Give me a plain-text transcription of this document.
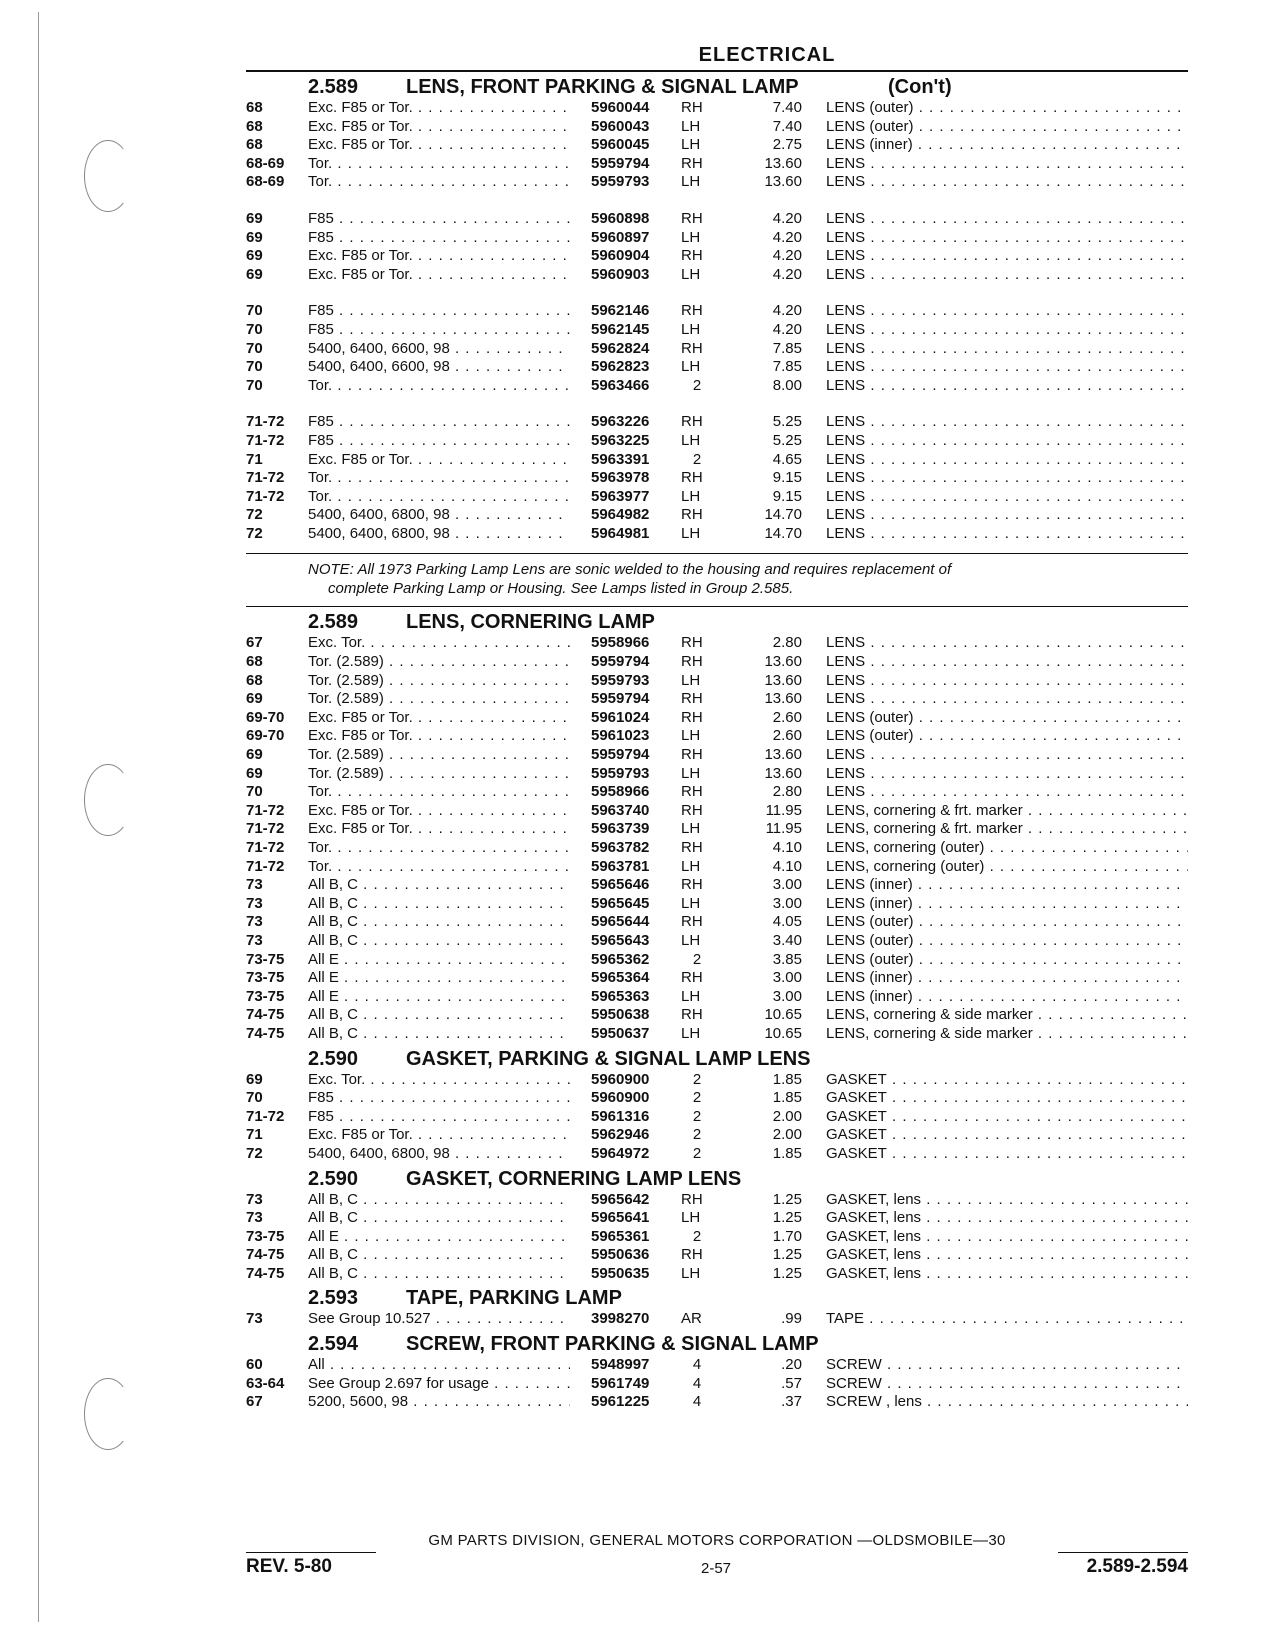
ELECTRICAL
2.589 LENS, FRONT PARKING & SIGNAL LAMP	(Con't)
68	Exc. F85 or Tor. . . .	5960044 RH	7.40 LENS (outer) . . .
68	Exc. F85 or Tor. . . .	5960043 LH	7.40 LENS (outer) . . .
68	Exc. F85 or Tor. . . .	5960045 LH	2.75 LENS (inner) . . .
68-69 Tor. . . .	5959794 RH	13.60 LENS . . .
68-69 Tor. . . .	5959793 LH	13.60 LENS . . .
69	F85 . . .	5960898 RH	4.20 LENS . . .
69	F85 . . .	5960897 LH	4.20 LENS . . .
69	Exc. F85 or Tor. . . .	5960904 RH	4.20 LENS . . .
69	Exc. F85 or Tor. . . .	5960903 LH	4.20 LENS . . .
70	F85 . . .	5962146 RH	4.20 LENS . . .
70	F85 . . .	5962145 LH	4.20 LENS . . .
70	5400, 6400, 6600, 98 . . .	5962824 RH	7.85 LENS . . .
70	5400, 6400, 6600, 98 . . .	5962823 LH	7.85 LENS . . .
70	Tor. . . .	5963466	2	8.00 LENS . . .
71-72 F85 . . .	5963226 RH	5.25 LENS . . .
71-72 F85 . . .	5963225 LH	5.25 LENS . . .
71	Exc. F85 or Tor. . . .	5963391	2	4.65 LENS . . .
71-72 Tor. . . .	5963978 RH	9.15 LENS . . .
71-72 Tor. . . .	5963977 LH	9.15 LENS . . .
72	5400, 6400, 6800, 98 . . .	5964982 RH	14.70 LENS . . .
72	5400, 6400, 6800, 98 . . .	5964981 LH	14.70 LENS . . .
NOTE: All 1973 Parking Lamp Lens are sonic welded to the housing and requires replacement of
complete Parking Lamp or Housing. See Lamps listed in Group 2.585.
2.589 LENS, CORNERING LAMP
67	Exc. Tor. . . .	5958966 RH	2.80 LENS . . .
68	Tor. (2.589) . . .	5959794 RH	13.60 LENS . . .
68	Tor. (2.589) . . .	5959793 LH	13.60 LENS . . .
69	Tor. (2.589) . . .	5959794 RH	13.60 LENS . . .
69-70 Exc. F85 or Tor. . . .	5961024 RH	2.60 LENS (outer) . . .
69-70 Exc. F85 or Tor. . . .	5961023 LH	2.60 LENS (outer) . . .
69	Tor. (2.589) . . .	5959794 RH	13.60 LENS . . .
69	Tor. (2.589) . . .	5959793 LH	13.60 LENS . . .
70	Tor. . . .	5958966 RH	2.80 LENS . . .
71-72 Exc. F85 or Tor. . . .	5963740 RH	11.95 LENS, cornering & frt. marker . . .
71-72 Exc. F85 or Tor. . . .	5963739 LH	11.95 LENS, cornering & frt. marker . . .
71-72 Tor. . . .	5963782 RH	4.10 LENS, cornering (outer) . . .
71-72 Tor. . . .	5963781 LH	4.10 LENS, cornering (outer) . . .
73	All B, C . . .	5965646 RH	3.00 LENS (inner) . . .
73	All B, C . . .	5965645 LH	3.00 LENS (inner) . . .
73	All B, C . . .	5965644 RH	4.05 LENS (outer) . . .
73	All B, C . . .	5965643 LH	3.40 LENS (outer) . . .
73-75 All E . . .	5965362	2	3.85 LENS (outer) . . .
73-75 All E . . .	5965364 RH	3.00 LENS (inner) . . .
73-75 All E . . .	5965363 LH	3.00 LENS (inner) . . .
74-75 All B, C . . .	5950638 RH	10.65 LENS, cornering & side marker . . .
74-75 All B, C . . .	5950637 LH	10.65 LENS, cornering & side marker . . .
2.590 GASKET, PARKING & SIGNAL LAMP LENS
69	Exc. Tor. . . .	5960900	2	1.85 GASKET . . .
70	F85 . . .	5960900	2	1.85 GASKET . . .
71-72 F85 . . .	5961316	2	2.00 GASKET . . .
71	Exc. F85 or Tor. . . .	5962946	2	2.00 GASKET . . .
72	5400, 6400, 6800, 98 . . .	5964972	2	1.85 GASKET . . .
2.590 GASKET, CORNERING LAMP LENS
73	All B, C . . .	5965642 RH	1.25 GASKET, lens . . .
73	All B, C . . .	5965641 LH	1.25 GASKET, lens . . .
73-75 All E . . .	5965361	2	1.70 GASKET, lens . . .
74-75 All B, C . . .	5950636 RH	1.25 GASKET, lens . . .
74-75 All B, C . . .	5950635 LH	1.25 GASKET, lens . . .
2.593 TAPE, PARKING LAMP
73	See Group 10.527 . . .	3998270 AR	.99 TAPE . . .
2.594 SCREW, FRONT PARKING & SIGNAL LAMP
60	All . . .	5948997	4	.20 SCREW . . .
63-64 See Group 2.697 for usage . . .	5961749	4	.57 SCREW . . .
67	5200, 5600, 98 . . .	5961225	4	.37 SCREW , lens . . .
GM PARTS DIVISION, GENERAL MOTORS CORPORATION —OLDSMOBILE—30
REV. 5-80	2-57	2.589-2.594
